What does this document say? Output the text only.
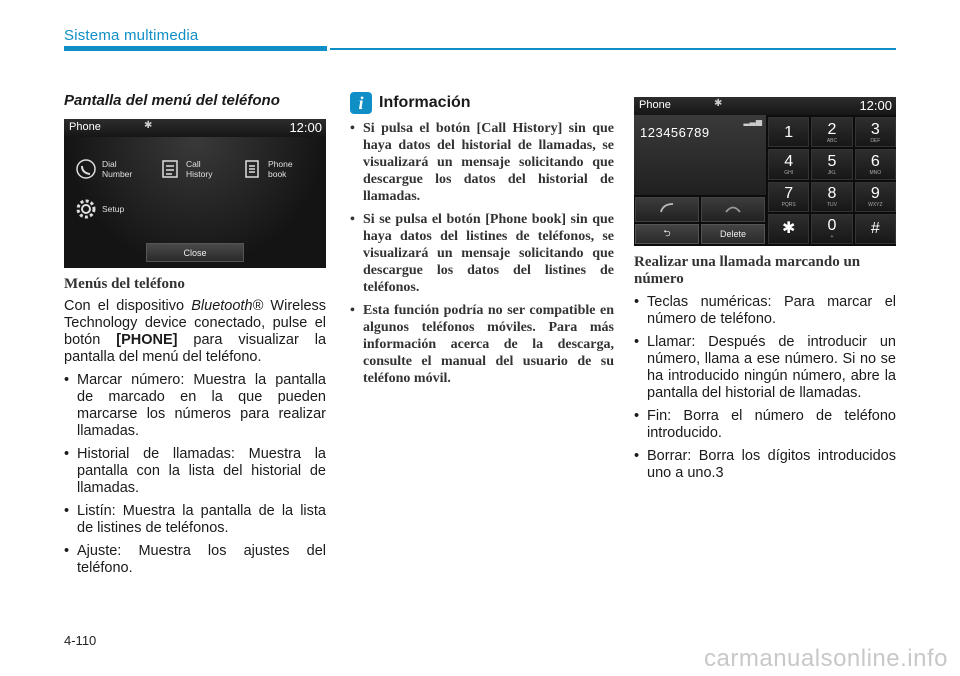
Sistema multimedia
Pantalla del menú del teléfono
Phone	✱	12:00
Dial
Number
Call
History
Phone
book
Setup
Close
Menús del teléfono

Con el dispositivo Bluetooth® Wireless Technology device conectado, pulse el botón [PHONE] para visualizar la pantalla del menú del teléfono.

• Marcar número: Muestra la pantalla de marcado en la que pueden marcarse los números para realizar llamadas.
• Historial de llamadas: Muestra la pantalla con la lista del historial de llamadas.
• Listín: Muestra la pantalla de la lista de listines de teléfonos.
• Ajuste: Muestra los ajustes del teléfono.
i Información
• Si pulsa el botón [Call History] sin que haya datos del historial de llamadas, se visualizará un mensaje solicitando que descargue los datos del historial de llamadas.
• Si se pulsa el botón [Phone book] sin que haya datos del listines de teléfonos, se visualizará un mensaje solicitando que descargue los datos del listines de teléfonos.
• Esta función podría no ser compatible en algunos teléfonos móviles. Para más información acerca de la descarga, consulte el manual del usuario de su teléfono móvil.
Phone	✱	12:00
▂▃▅
123456789
⮌	Delete
1 2
ABC
3
DEF
4
GHI
5
JKL
6
MNO
7
PQRS
8
TUV
9
WXYZ
✱ 0
+ #
Realizar una llamada marcando un número
• Teclas numéricas: Para marcar el número de teléfono.
• Llamar: Después de introducir un número, llama a ese número. Si no se ha introducido ningún número, abre la pantalla del historial de llamadas.
• Fin: Borra el número de teléfono introducido.
• Borrar: Borra los dígitos introducidos uno a uno.3
4-110
carmanualsonline.info
